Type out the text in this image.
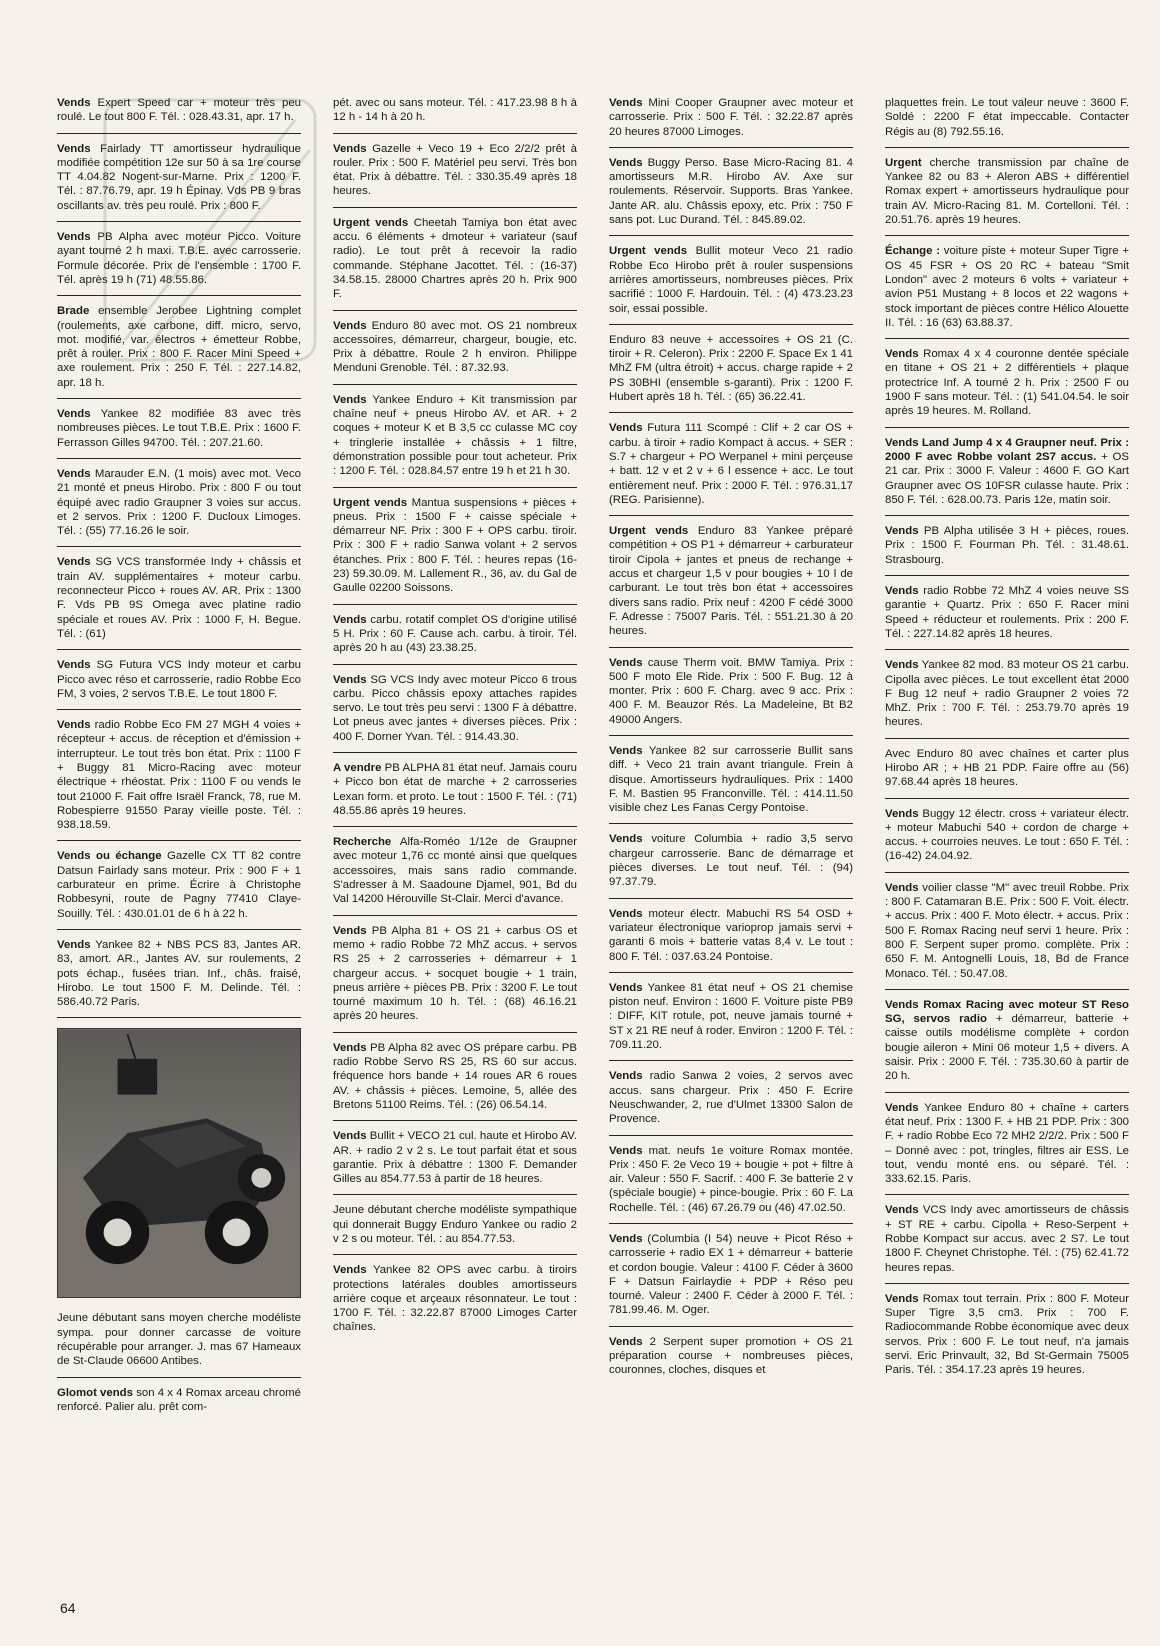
Vends Expert Speed car + moteur très peu roulé. Le tout 800 F. Tél. : 028.43.31, apr. 17 h.
Vends Fairlady TT amortisseur hydraulique modifiée compétition 12e sur 50 à sa 1re course TT 4.04.82 Nogent-sur-Marne. Prix : 1200 F. Tél. : 87.76.79, apr. 19 h Épinay. Vds PB 9 bras oscillants av. très peu roulé. Prix : 800 F.
Vends PB Alpha avec moteur Picco. Voiture ayant tourné 2 h maxi. T.B.E. avec carrosserie. Formule décorée. Prix de l'ensemble : 1700 F. Tél. après 19 h (71) 48.55.86.
Brade ensemble Jerobee Lightning complet (roulements, axe carbone, diff. micro, servo, mot. modifié, var. électros + émetteur Robbe, prêt à rouler. Prix : 800 F. Racer Mini Speed + axe roulement. Prix : 250 F. Tél. : 227.14.82, apr. 18 h.
Vends Yankee 82 modifiée 83 avec très nombreuses pièces. Le tout T.B.E. Prix : 1600 F. Ferrasson Gilles 94700. Tél. : 207.21.60.
Vends Marauder E.N. (1 mois) avec mot. Veco 21 monté et pneus Hirobo. Prix : 800 F ou tout équipé avec radio Graupner 3 voies sur accus. et 2 servos. Prix : 1200 F. Ducloux Limoges. Tél. : (55) 77.16.26 le soir.
Vends SG VCS transformée Indy + châssis et train AV. supplémentaires + moteur carbu. reconnecteur Picco + roues AV. AR. Prix : 1300 F. Vds PB 9S Omega avec platine radio spéciale et roues AV. Prix : 1000 F, H. Begue. Tél. : (61)
Vends SG Futura VCS Indy moteur et carbu Picco avec réso et carrosserie, radio Robbe Eco FM, 3 voies, 2 servos T.B.E. Le tout 1800 F.
Vends radio Robbe Eco FM 27 MGH 4 voies + récepteur + accus. de réception et d'émission + interrupteur. Le tout très bon état. Prix : 1100 F + Buggy 81 Micro-Racing avec moteur électrique + rhéostat. Prix : 1100 F ou vends le tout 21000 F. Fait offre Israël Franck, 78, rue M. Robespierre 91550 Paray vieille poste. Tél. : 938.18.59.
Vends ou échange Gazelle CX TT 82 contre Datsun Fairlady sans moteur. Prix : 900 F + 1 carburateur en prime. Écrire à Christophe Robbesyni, route de Pagny 77410 Claye-Souilly. Tél. : 430.01.01 de 6 h à 22 h.
Vends Yankee 82 + NBS PCS 83, Jantes AR. 83, amort. AR., Jantes AV. sur roulements, 2 pots échap., fusées trian. Inf., châs. fraisé, Hirobo. Le tout 1500 F. M. Delinde. Tél. : 586.40.72 Paris.
Jeune débutant sans moyen cherche modéliste sympa. pour donner carcasse de voiture récupérable pour arranger. J. mas 67 Hameaux de St-Claude 06600 Antibes.
Glomot vends son 4 x 4 Romax arceau chromé renforcé. Palier alu. prêt com-
pét. avec ou sans moteur. Tél. : 417.23.98 8 h à 12 h - 14 h à 20 h.
Vends Gazelle + Veco 19 + Eco 2/2/2 prêt à rouler. Prix : 500 F. Matériel peu servi. Très bon état. Prix à débattre. Tél. : 330.35.49 après 18 heures.
Urgent vends Cheetah Tamiya bon état avec accu. 6 éléments + dmoteur + variateur (sauf radio). Le tout prêt à recevoir la radio commande. Stéphane Jacottet. Tél. : (16-37) 34.58.15. 28000 Chartres après 20 h. Prix 900 F.
Vends Enduro 80 avec mot. OS 21 nombreux accessoires, démarreur, chargeur, bougie, etc. Prix à débattre. Roule 2 h environ. Philippe Menduni Grenoble. Tél. : 87.32.93.
Vends Yankee Enduro + Kit transmission par chaîne neuf + pneus Hirobo AV. et AR. + 2 coques + moteur K et B 3,5 cc culasse MC coy + tringlerie installée + châssis + 1 filtre, démonstration possible pour tout acheteur. Prix : 1200 F. Tél. : 028.84.57 entre 19 h et 21 h 30.
Urgent vends Mantua suspensions + pièces + pneus. Prix : 1500 F + caisse spéciale + démarreur NF. Prix : 300 F + OPS carbu. tiroir. Prix : 300 F + radio Sanwa volant + 2 servos étanches. Prix : 800 F. Tél. : heures repas (16-23) 59.30.09. M. Lallement R., 36, av. du Gal de Gaulle 02200 Soissons.
Vends carbu. rotatif complet OS d'origine utilisé 5 H. Prix : 60 F. Cause ach. carbu. à tiroir. Tél. après 20 h au (43) 23.38.25.
Vends SG VCS Indy avec moteur Picco 6 trous carbu. Picco châssis epoxy attaches rapides servo. Le tout très peu servi : 1300 F à débattre. Lot pneus avec jantes + diverses pièces. Prix : 400 F. Dorner Yvan. Tél. : 914.43.30.
A vendre PB ALPHA 81 état neuf. Jamais couru + Picco bon état de marche + 2 carrosseries Lexan form. et proto. Le tout : 1500 F. Tél. : (71) 48.55.86 après 19 heures.
Recherche Alfa-Roméo 1/12e de Graupner avec moteur 1,76 cc monté ainsi que quelques accessoires, mais sans radio commande. S'adresser à M. Saadoune Djamel, 901, Bd du Val 14200 Hérouville St-Clair. Merci d'avance.
Vends PB Alpha 81 + OS 21 + carbus OS et memo + radio Robbe 72 MhZ accus. + servos RS 25 + 2 carrosseries + démarreur + 1 chargeur accus. + socquet bougie + 1 train, pneus arrière + pièces PB. Prix : 3200 F. Le tout tourné maximum 10 h. Tél. : (68) 46.16.21 après 20 heures.
Vends PB Alpha 82 avec OS prépare carbu. PB radio Robbe Servo RS 25, RS 60 sur accus. fréquence hors bande + 14 roues AR 6 roues AV. + châssis + pièces. Lemoine, 5, allée des Bretons 51100 Reims. Tél. : (26) 06.54.14.
Vends Bullit + VECO 21 cul. haute et Hirobo AV. AR. + radio 2 v 2 s. Le tout parfait état et sous garantie. Prix à débattre : 1300 F. Demander Gilles au 854.77.53 à partir de 18 heures.
Jeune débutant cherche modéliste sympathique qui donnerait Buggy Enduro Yankee ou radio 2 v 2 s ou moteur. Tél. : au 854.77.53.
Vends Yankee 82 OPS avec carbu. à tiroirs protections latérales doubles amortisseurs arrière coque et arçeaux résonnateur. Le tout : 1700 F. Tél. : 32.22.87 87000 Limoges Carter chaînes.
Vends Mini Cooper Graupner avec moteur et carrosserie. Prix : 500 F. Tél. : 32.22.87 après 20 heures 87000 Limoges.
Vends Buggy Perso. Base Micro-Racing 81. 4 amortisseurs M.R. Hirobo AV. Axe sur roulements. Réservoir. Supports. Bras Yankee. Jante AR. alu. Châssis epoxy, etc. Prix : 750 F sans pot. Luc Durand. Tél. : 845.89.02.
Urgent vends Bullit moteur Veco 21 radio Robbe Eco Hirobo prêt à rouler suspensions arrières amortisseurs, nombreuses pièces. Prix sacrifié : 1000 F. Hardouin. Tél. : (4) 473.23.23 soir, essai possible.
Enduro 83 neuve + accessoires + OS 21 (C. tiroir + R. Celeron). Prix : 2200 F. Space Ex 1 41 MhZ FM (ultra étroit) + accus. charge rapide + 2 PS 30BHI (ensemble s-garanti). Prix : 1200 F. Hubert après 18 h. Tél. : (65) 36.22.41.
Vends Futura 111 Scompé : Clif + 2 car OS + carbu. à tiroir + radio Kompact à accus. + SER : S.7 + chargeur + PO Werpanel + mini perçeuse + batt. 12 v et 2 v + 6 l essence + acc. Le tout entièrement neuf. Prix : 2000 F. Tél. : 976.31.17 (REG. Parisienne).
Urgent vends Enduro 83 Yankee préparé compétition + OS P1 + démarreur + carburateur tiroir Cipola + jantes et pneus de rechange + accus et chargeur 1,5 v pour bougies + 10 l de carburant. Le tout très bon état + accessoires divers sans radio. Prix neuf : 4200 F cédé 3000 F. Adresse : 75007 Paris. Tél. : 551.21.30 à 20 heures.
Vends cause Therm voit. BMW Tamiya. Prix : 500 F moto Ele Ride. Prix : 500 F. Bug. 12 à monter. Prix : 600 F. Charg. avec 9 acc. Prix : 400 F. M. Beauzor Rés. La Madeleine, Bt B2 49000 Angers.
Vends Yankee 82 sur carrosserie Bullit sans diff. + Veco 21 train avant triangule. Frein à disque. Amortisseurs hydrauliques. Prix : 1400 F. M. Bastien 95 Franconville. Tél. : 414.11.50 visible chez Les Fanas Cergy Pontoise.
Vends voiture Columbia + radio 3,5 servo chargeur carrosserie. Banc de démarrage et pièces diverses. Le tout neuf. Tél. : (94) 97.37.79.
Vends moteur électr. Mabuchi RS 54 OSD + variateur électronique varioprop jamais servi + garanti 6 mois + batterie vatas 8,4 v. Le tout : 800 F. Tél. : 037.63.24 Pontoise.
Vends Yankee 81 état neuf + OS 21 chemise piston neuf. Environ : 1600 F. Voiture piste PB9 : DIFF, KIT rotule, pot, neuve jamais tourné + ST x 21 RE neuf à roder. Environ : 1200 F. Tél. : 709.11.20.
Vends radio Sanwa 2 voies, 2 servos avec accus. sans chargeur. Prix : 450 F. Ecrire Neuschwander, 2, rue d'Ulmet 13300 Salon de Provence.
Vends mat. neufs 1e voiture Romax montée. Prix : 450 F. 2e Veco 19 + bougie + pot + filtre à air. Valeur : 550 F. Sacrif. : 400 F. 3e batterie 2 v (spéciale bougie) + pince-bougie. Prix : 60 F. La Rochelle. Tél. : (46) 67.26.79 ou (46) 47.02.50.
Vends (Columbia (I 54) neuve + Picot Réso + carrosserie + radio EX 1 + démarreur + batterie et cordon bougie. Valeur : 4100 F. Céder à 3600 F + Datsun Fairlaydie + PDP + Réso peu tourné. Valeur : 2400 F. Céder à 2000 F. Tél. : 781.99.46. M. Oger.
Vends 2 Serpent super promotion + OS 21 préparation course + nombreuses pièces, couronnes, cloches, disques et
plaquettes frein. Le tout valeur neuve : 3600 F. Soldé : 2200 F état impeccable. Contacter Régis au (8) 792.55.16.
Urgent cherche transmission par chaîne de Yankee 82 ou 83 + Aleron ABS + différentiel Romax expert + amortisseurs hydraulique pour train AV. Micro-Racing 81. M. Cortelloni. Tél. : 20.51.76. après 19 heures.
Échange : voiture piste + moteur Super Tigre + OS 45 FSR + OS 20 RC + bateau "Smit London" avec 2 moteurs 6 volts + variateur + avion P51 Mustang + 8 locos et 22 wagons + stock important de pièces contre Hélico Alouette II. Tél. : 16 (63) 63.88.37.
Vends Romax 4 x 4 couronne dentée spéciale en titane + OS 21 + 2 différentiels + plaque protectrice Inf. A tourné 2 h. Prix : 2500 F ou 1900 F sans moteur. Tél. : (1) 541.04.54. le soir après 19 heures. M. Rolland.
Vends Land Jump 4 x 4 Graupner neuf. Prix : 2000 F avec Robbe volant 2S7 accus. + OS 21 car. Prix : 3000 F. Valeur : 4600 F. GO Kart Graupner avec OS 10FSR culasse haute. Prix : 850 F. Tél. : 628.00.73. Paris 12e, matin soir.
Vends PB Alpha utilisée 3 H + pièces, roues. Prix : 1500 F. Fourman Ph. Tél. : 31.48.61. Strasbourg.
Vends radio Robbe 72 MhZ 4 voies neuve SS garantie + Quartz. Prix : 650 F. Racer mini Speed + réducteur et roulements. Prix : 200 F. Tél. : 227.14.82 après 18 heures.
Vends Yankee 82 mod. 83 moteur OS 21 carbu. Cipolla avec pièces. Le tout excellent état 2000 F Bug 12 neuf + radio Graupner 2 voies 72 MhZ. Prix : 700 F. Tél. : 253.79.70 après 19 heures.
Avec Enduro 80 avec chaînes et carter plus Hirobo AR ; + HB 21 PDP. Faire offre au (56) 97.68.44 après 18 heures.
Vends Buggy 12 électr. cross + variateur électr. + moteur Mabuchi 540 + cordon de charge + accus. + courroies neuves. Le tout : 650 F. Tél. : (16-42) 24.04.92.
Vends voilier classe "M" avec treuil Robbe. Prix : 800 F. Catamaran B.E. Prix : 500 F. Voit. électr. + accus. Prix : 400 F. Moto électr. + accus. Prix : 500 F. Romax Racing neuf servi 1 heure. Prix : 800 F. Serpent super promo. complète. Prix : 650 F. M. Antognelli Louis, 18, Bd de France Monaco. Tél. : 50.47.08.
Vends Romax Racing avec moteur ST Reso SG, servos radio + démarreur, batterie + caisse outils modélisme complète + cordon bougie aileron + Mini 06 moteur 1,5 + divers. A saisir. Prix : 2000 F. Tél. : 735.30.60 à partir de 20 h.
Vends Yankee Enduro 80 + chaîne + carters état neuf. Prix : 1300 F. + HB 21 PDP. Prix : 300 F. + radio Robbe Eco 72 MH2 2/2/2. Prix : 500 F – Donné avec : pot, tringles, filtres air ESS. Le tout, vendu monté ens. ou séparé. Tél. : 333.62.15. Paris.
Vends VCS Indy avec amortisseurs de châssis + ST RE + carbu. Cipolla + Reso-Serpent + Robbe Kompact sur accus. avec 2 S7. Le tout 1800 F. Cheynet Christophe. Tél. : (75) 62.41.72 heures repas.
Vends Romax tout terrain. Prix : 800 F. Moteur Super Tigre 3,5 cm3. Prix : 700 F. Radiocommande Robbe économique avec deux servos. Prix : 600 F. Le tout neuf, n'a jamais servi. Eric Prinvault, 32, Bd St-Germain 75005 Paris. Tél. : 354.17.23 après 19 heures.
64
